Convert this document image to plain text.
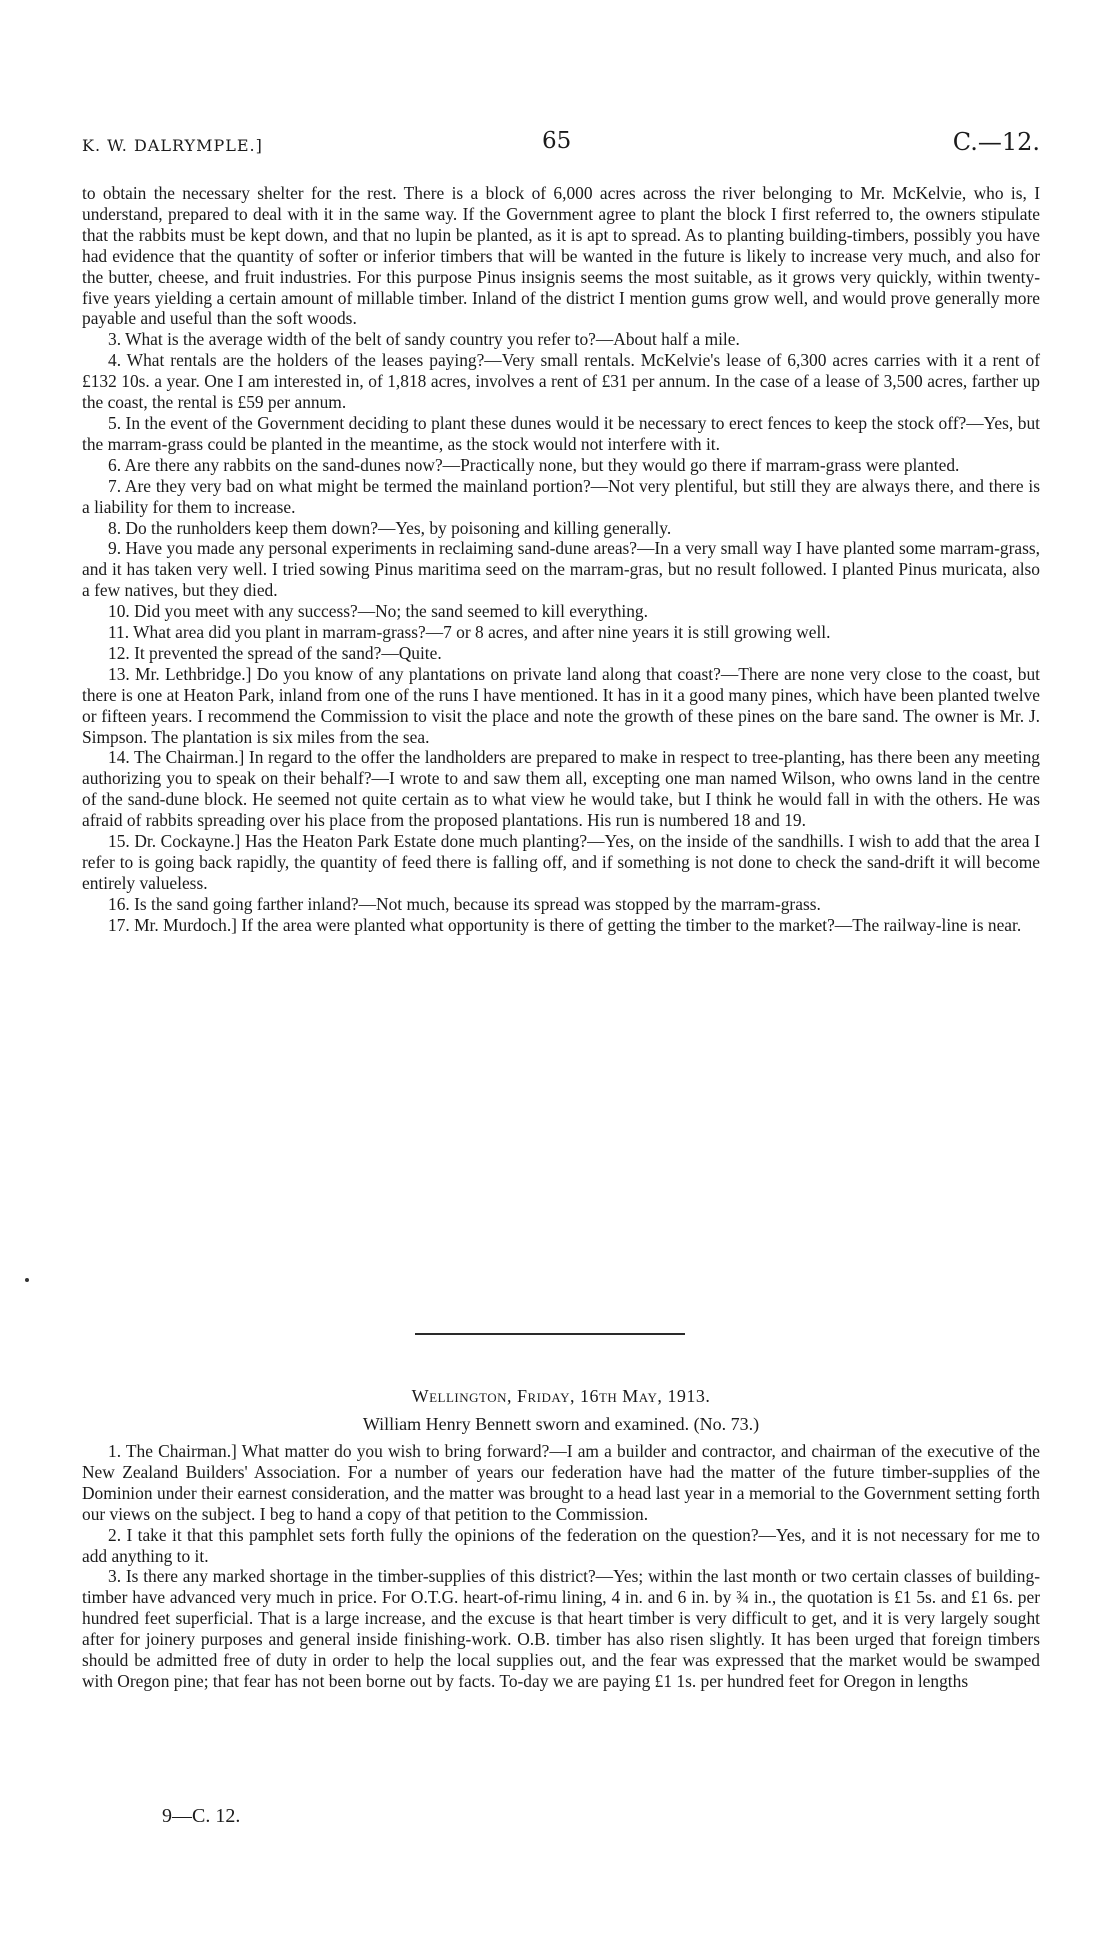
K. W. DALRYMPLE.]	65	C.—12.

to obtain the necessary shelter for the rest. There is a block of 6,000 acres across the river belonging to Mr. McKelvie, who is, I understand, prepared to deal with it in the same way. If the Government agree to plant the block I first referred to, the owners stipulate that the rabbits must be kept down, and that no lupin be planted, as it is apt to spread. As to planting building-timbers, possibly you have had evidence that the quantity of softer or inferior timbers that will be wanted in the future is likely to increase very much, and also for the butter, cheese, and fruit industries. For this purpose Pinus insignis seems the most suitable, as it grows very quickly, within twenty-five years yielding a certain amount of millable timber. Inland of the district I mention gums grow well, and would prove generally more payable and useful than the soft woods.

3. What is the average width of the belt of sandy country you refer to?—About half a mile.

4. What rentals are the holders of the leases paying?—Very small rentals. McKelvie's lease of 6,300 acres carries with it a rent of £132 10s. a year. One I am interested in, of 1,818 acres, involves a rent of £31 per annum. In the case of a lease of 3,500 acres, farther up the coast, the rental is £59 per annum.

5. In the event of the Government deciding to plant these dunes would it be necessary to erect fences to keep the stock off?—Yes, but the marram-grass could be planted in the meantime, as the stock would not interfere with it.

6. Are there any rabbits on the sand-dunes now?—Practically none, but they would go there if marram-grass were planted.

7. Are they very bad on what might be termed the mainland portion?—Not very plentiful, but still they are always there, and there is a liability for them to increase.

8. Do the runholders keep them down?—Yes, by poisoning and killing generally.

9. Have you made any personal experiments in reclaiming sand-dune areas?—In a very small way I have planted some marram-grass, and it has taken very well. I tried sowing Pinus maritima seed on the marram-gras, but no result followed. I planted Pinus muricata, also a few natives, but they died.

10. Did you meet with any success?—No; the sand seemed to kill everything.

11. What area did you plant in marram-grass?—7 or 8 acres, and after nine years it is still growing well.

12. It prevented the spread of the sand?—Quite.

13. Mr. Lethbridge.] Do you know of any plantations on private land along that coast?—There are none very close to the coast, but there is one at Heaton Park, inland from one of the runs I have mentioned. It has in it a good many pines, which have been planted twelve or fifteen years. I recommend the Commission to visit the place and note the growth of these pines on the bare sand. The owner is Mr. J. Simpson. The plantation is six miles from the sea.

14. The Chairman.] In regard to the offer the landholders are prepared to make in respect to tree-planting, has there been any meeting authorizing you to speak on their behalf?—I wrote to and saw them all, excepting one man named Wilson, who owns land in the centre of the sand-dune block. He seemed not quite certain as to what view he would take, but I think he would fall in with the others. He was afraid of rabbits spreading over his place from the proposed plantations. His run is numbered 18 and 19.

15. Dr. Cockayne.] Has the Heaton Park Estate done much planting?—Yes, on the inside of the sandhills. I wish to add that the area I refer to is going back rapidly, the quantity of feed there is falling off, and if something is not done to check the sand-drift it will become entirely valueless.

16. Is the sand going farther inland?—Not much, because its spread was stopped by the marram-grass.

17. Mr. Murdoch.] If the area were planted what opportunity is there of getting the timber to the market?—The railway-line is near.

Wellington, Friday, 16th May, 1913.
William Henry Bennett sworn and examined. (No. 73.)

1. The Chairman.] What matter do you wish to bring forward?—I am a builder and contractor, and chairman of the executive of the New Zealand Builders' Association. For a number of years our federation have had the matter of the future timber-supplies of the Dominion under their earnest consideration, and the matter was brought to a head last year in a memorial to the Government setting forth our views on the subject. I beg to hand a copy of that petition to the Commission.

2. I take it that this pamphlet sets forth fully the opinions of the federation on the question?—Yes, and it is not necessary for me to add anything to it.

3. Is there any marked shortage in the timber-supplies of this district?—Yes; within the last month or two certain classes of building-timber have advanced very much in price. For O.T.G. heart-of-rimu lining, 4 in. and 6 in. by ¾ in., the quotation is £1 5s. and £1 6s. per hundred feet superficial. That is a large increase, and the excuse is that heart timber is very difficult to get, and it is very largely sought after for joinery purposes and general inside finishing-work. O.B. timber has also risen slightly. It has been urged that foreign timbers should be admitted free of duty in order to help the local supplies out, and the fear was expressed that the market would be swamped with Oregon pine; that fear has not been borne out by facts. To-day we are paying £1 1s. per hundred feet for Oregon in lengths

9—C. 12.
